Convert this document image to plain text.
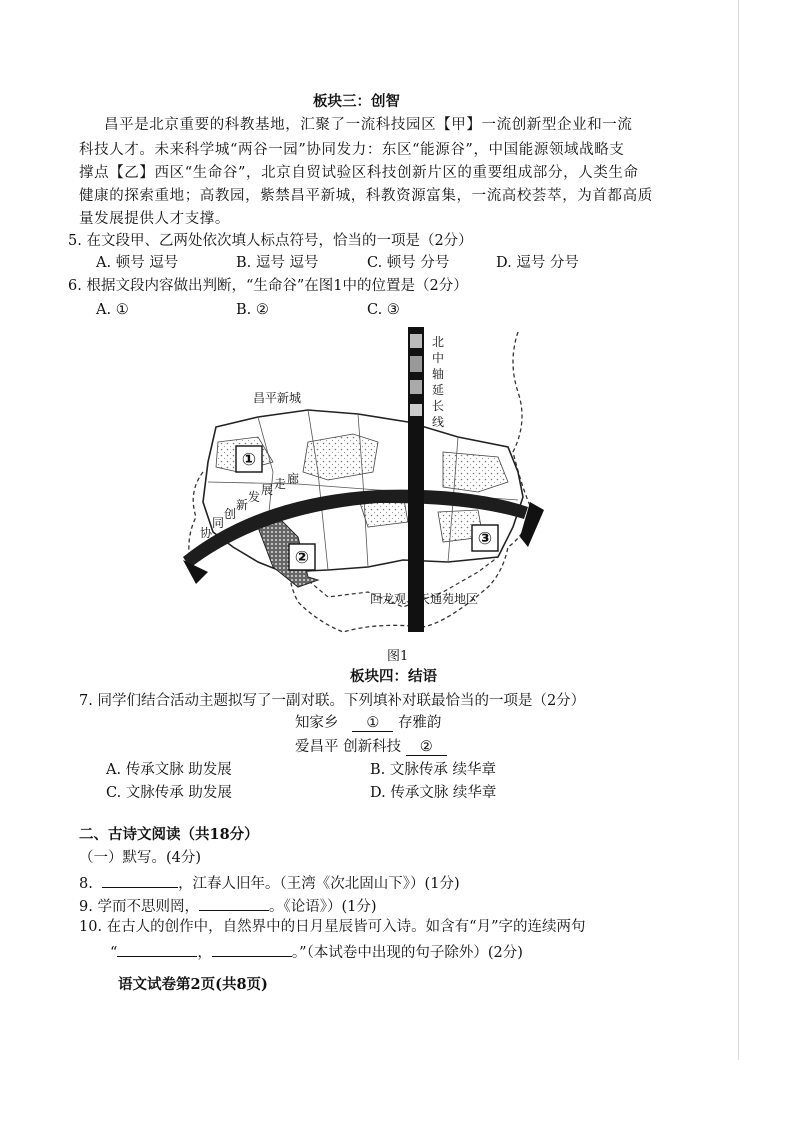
板块三：创智
昌平是北京重要的科教基地，汇聚了一流科技园区【甲】一流创新型企业和一流
科技人才。未来科学城“两谷一园”协同发力：东区“能源谷”，中国能源领域战略支
撑点【乙】西区“生命谷”，北京自贸试验区科技创新片区的重要组成部分，人类生命
健康的探索重地；高教园，紫禁昌平新城，科教资源富集，一流高校荟萃，为首都高质
量发展提供人才支撑。
5. 在文段甲、乙两处依次填人标点符号，恰当的一项是（2分）
A. 顿号 逗号	B. 逗号 逗号	C. 顿号 分号	D. 逗号 分号
6. 根据文段内容做出判断，“生命谷”在图1中的位置是（2分）
A. ①	B. ②	C. ③
①
②
③
昌平新城
回龙观、天通苑地区
北
中
轴
延
长
线
协
同
创
新
发 展 走 廊
图1
板块四：结语
7. 同学们结合活动主题拟写了一副对联。下列填补对联最恰当的一项是（2分）
知家乡 ① 存雅韵
爱昌平 创新科技 ②
A. 传承文脉 助发展	B. 文脉传承 续华章
C. 文脉传承 助发展	D. 传承文脉 续华章
二、古诗文阅读（共18分）
（一）默写。(4分)
8.	，江春人旧年。（王湾《次北固山下》）(1分)
9. 学而不思则罔，	。《论语》）(1分)
10. 在古人的创作中，自然界中的日月星辰皆可入诗。如含有“月”字的连续两句
“	，	。”（本试卷中出现的句子除外）(2分)
语文试卷第2页(共8页)
